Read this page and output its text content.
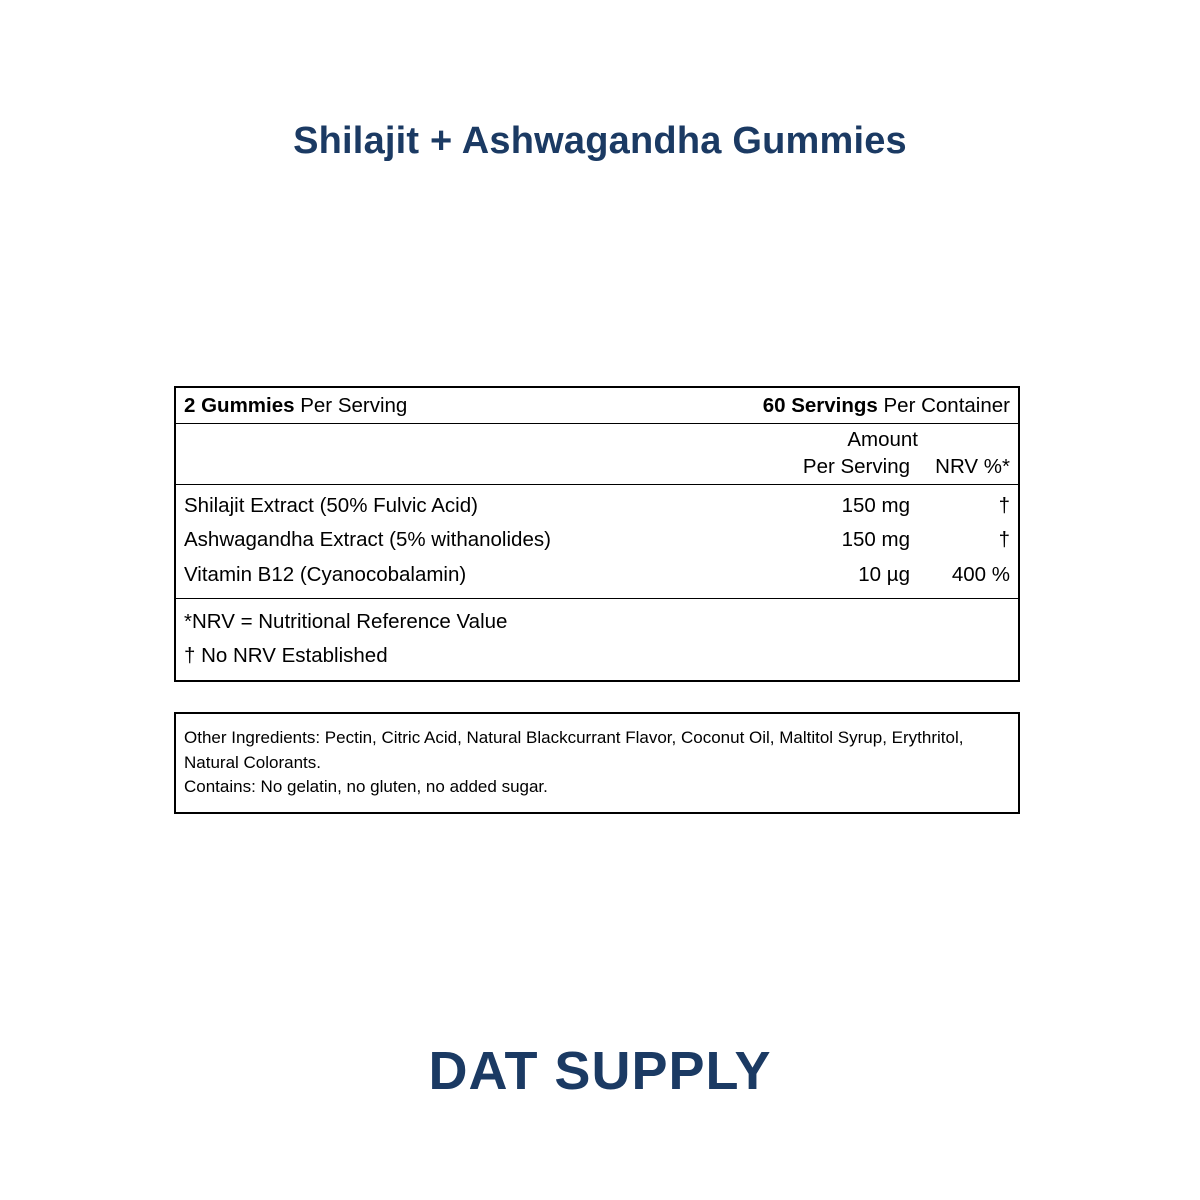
Shilajit + Ashwagandha Gummies
2 Gummies Per Serving	60 Servings Per Container
Amount
Per Serving	NRV %*
Shilajit Extract (50% Fulvic Acid)	150 mg	†
Ashwagandha Extract (5% withanolides)	150 mg	†
Vitamin B12 (Cyanocobalamin)	10 µg	400 %
*NRV = Nutritional Reference Value
† No NRV Established
Other Ingredients: Pectin, Citric Acid, Natural Blackcurrant Flavor, Coconut Oil, Maltitol Syrup, Erythritol, Natural Colorants.
Contains: No gelatin, no gluten, no added sugar.
DAT SUPPLY
